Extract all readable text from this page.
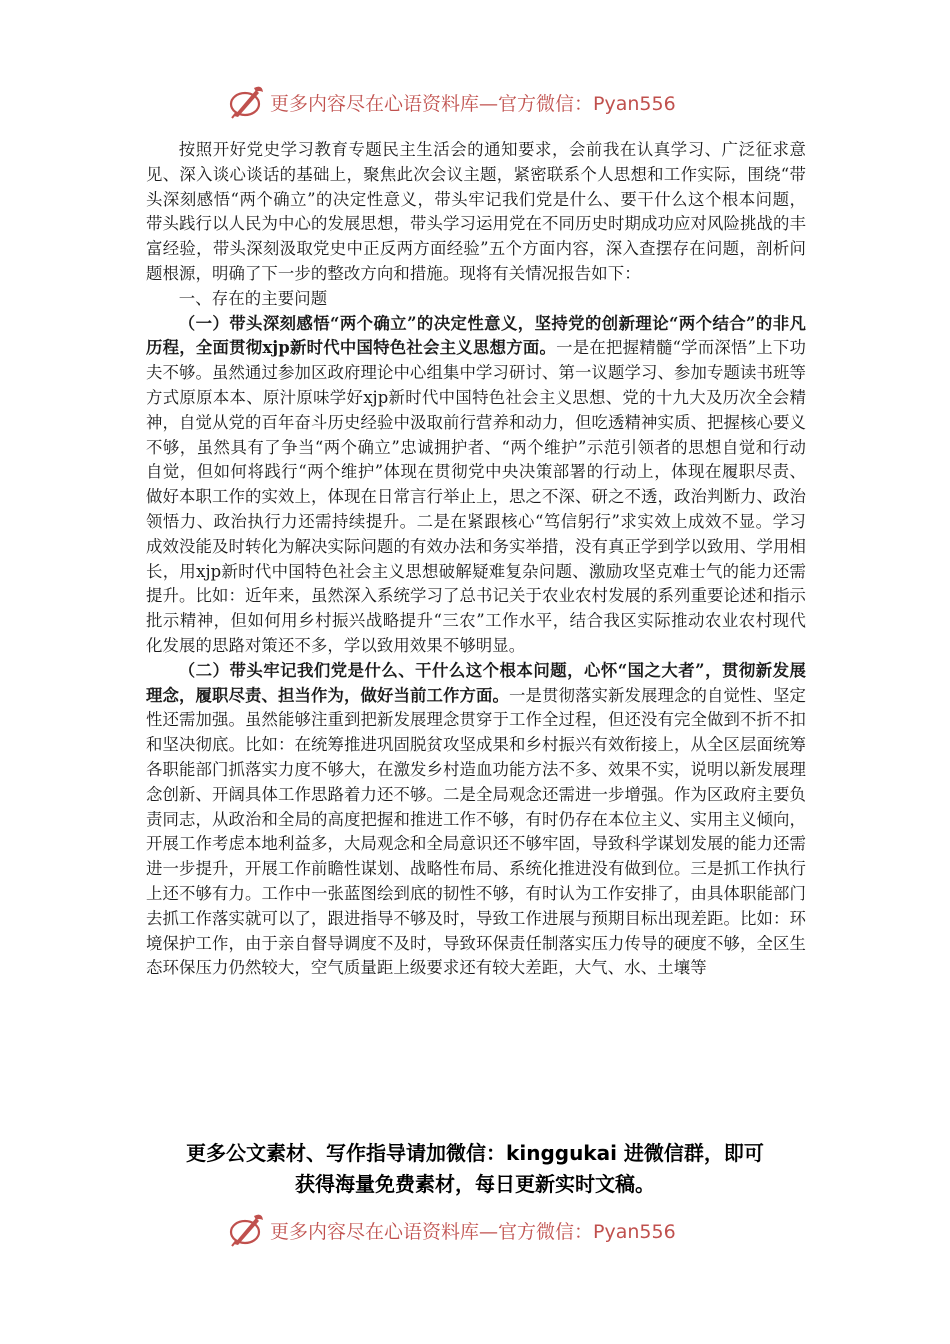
更多内容尽在心语资料库—官方微信：Pyan556

按照开好党史学习教育专题民主生活会的通知要求，会前我在认真学习、广泛征求意见、深入谈心谈话的基础上，聚焦此次会议主题，紧密联系个人思想和工作实际，围绕“带头深刻感悟“两个确立”的决定性意义，带头牢记我们党是什么、要干什么这个根本问题，带头践行以人民为中心的发展思想，带头学习运用党在不同历史时期成功应对风险挑战的丰富经验，带头深刻汲取党史中正反两方面经验”五个方面内容，深入查摆存在问题，剖析问题根源，明确了下一步的整改方向和措施。现将有关情况报告如下：

一、存在的主要问题

（一）带头深刻感悟“两个确立”的决定性意义，坚持党的创新理论“两个结合”的非凡历程，全面贯彻xjp新时代中国特色社会主义思想方面。一是在把握精髓“学而深悟”上下功夫不够。虽然通过参加区政府理论中心组集中学习研讨、第一议题学习、参加专题读书班等方式原原本本、原汁原味学好xjp新时代中国特色社会主义思想、党的十九大及历次全会精神，自觉从党的百年奋斗历史经验中汲取前行营养和动力，但吃透精神实质、把握核心要义不够，虽然具有了争当“两个确立”忠诚拥护者、“两个维护”示范引领者的思想自觉和行动自觉，但如何将践行“两个维护”体现在贯彻党中央决策部署的行动上，体现在履职尽责、做好本职工作的实效上，体现在日常言行举止上，思之不深、研之不透，政治判断力、政治领悟力、政治执行力还需持续提升。二是在紧跟核心“笃信躬行”求实效上成效不显。学习成效没能及时转化为解决实际问题的有效办法和务实举措，没有真正学到学以致用、学用相长，用xjp新时代中国特色社会主义思想破解疑难复杂问题、激励攻坚克难士气的能力还需提升。比如：近年来，虽然深入系统学习了总书记关于农业农村发展的系列重要论述和指示批示精神，但如何用乡村振兴战略提升“三农”工作水平，结合我区实际推动农业农村现代化发展的思路对策还不多，学以致用效果不够明显。

（二）带头牢记我们党是什么、干什么这个根本问题，心怀“国之大者”，贯彻新发展理念，履职尽责、担当作为，做好当前工作方面。一是贯彻落实新发展理念的自觉性、坚定性还需加强。虽然能够注重到把新发展理念贯穿于工作全过程，但还没有完全做到不折不扣和坚决彻底。比如：在统筹推进巩固脱贫攻坚成果和乡村振兴有效衔接上，从全区层面统筹各职能部门抓落实力度不够大，在激发乡村造血功能方法不多、效果不实，说明以新发展理念创新、开阔具体工作思路着力还不够。二是全局观念还需进一步增强。作为区政府主要负责同志，从政治和全局的高度把握和推进工作不够，有时仍存在本位主义、实用主义倾向，开展工作考虑本地利益多，大局观念和全局意识还不够牢固，导致科学谋划发展的能力还需进一步提升，开展工作前瞻性谋划、战略性布局、系统化推进没有做到位。三是抓工作执行上还不够有力。工作中一张蓝图绘到底的韧性不够，有时认为工作安排了，由具体职能部门去抓工作落实就可以了，跟进指导不够及时，导致工作进展与预期目标出现差距。比如：环境保护工作，由于亲自督导调度不及时，导致环保责任制落实压力传导的硬度不够，全区生态环保压力仍然较大，空气质量距上级要求还有较大差距，大气、水、土壤等

更多公文素材、写作指导请加微信：kinggukai 进微信群，即可
获得海量免费素材，每日更新实时文稿。
更多内容尽在心语资料库—官方微信：Pyan556
